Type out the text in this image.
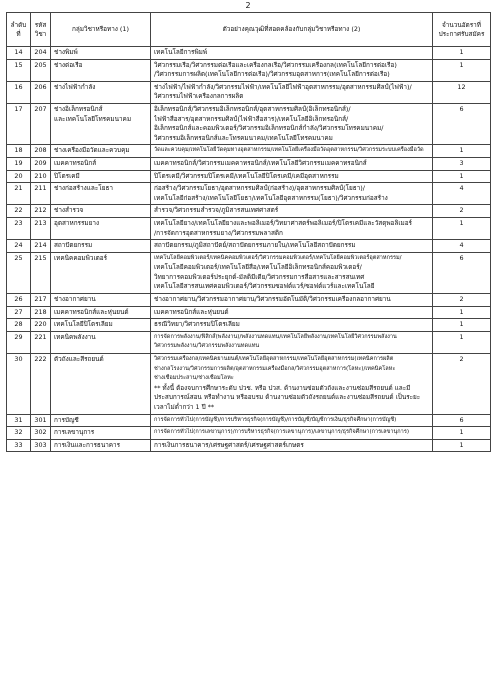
2
ลำดับที่	รหัสวิชา	กลุ่มวิชาหรือทาง (1)	ตัวอย่างคุณวุฒิที่สอดคล้องกับกลุ่มวิชาหรือทาง (2)	จำนวนอัตราที่ประกาศรับสมัคร
14	204	ช่างพิมพ์	เทคโนโลยีการพิมพ์	1
15	205	ช่างต่อเรือ	วิศวกรรมเรือ/วิศวกรรมต่อเรือและเครื่องกลเรือ/วิศวกรรมเครื่องกล(เทคโนโลยีการต่อเรือ)
/วิศวกรรมการผลิต(เทคโนโลยีการต่อเรือ)/วิศวกรรมอุตสาหการ(เทคโนโลยีการต่อเรือ)	1
16	206	ช่างไฟฟ้ากำลัง	ช่างไฟฟ้า/ไฟฟ้ากำลัง/วิศวกรรมไฟฟ้า/เทคโนโลยีไฟฟ้าอุตสาหกรรม/อุตสาหกรรมศิลป์(ไฟฟ้า)/
วิศวกรรมไฟฟ้าเครื่องกลการผลิต	12
17	207	ช่างอิเล็กทรอนิกส์
และเทคโนโลยีโทรคมนาคม	อิเล็กทรอนิกส์/วิศวกรรมอิเล็กทรอนิกส์/อุตสาหกรรมศิลป์(อิเล็กทรอนิกส์)/
ไฟฟ้าสื่อสาร/อุตสาหกรรมศิลป์(ไฟฟ้าสื่อสาร)/เทคโนโลยีอิเล็กทรอนิกส์/
อิเล็กทรอนิกส์และคอมพิวเตอร์/วิศวกรรมอิเล็กทรอนิกส์กำลัง/วิศวกรรมโทรคมนาคม/
วิศวกรรมอิเล็กทรอนิกส์และโทรคมนาคม/เทคโนโลยีโทรคมนาคม	6
18	208	ช่างเครื่องมือวัดและควบคุม	วัดและควบคุม/เทคโนโลยีวัดคุมทางอุตสาหกรรม/เทคโนโลยีเครื่องมือวัดอุตสาหกรรม/วิศวกรรมระบบเครื่องมือวัด	1
19	209	เมคคาทรอนิกส์	เมคคาทรอนิกส์/วิศวกรรมเมคคาทรอนิกส์/เทคโนโลยีวิศวกรรมเมคคาทรอนิกส์	3
20	210	ปิโตรเคมี	ปิโตรเคมี/วิศวกรรมปิโตรเคมี/เทคโนโลยีปิโตรเคมี/เคมีอุตสาหกรรม	1
21	211	ช่างก่อสร้างและโยธา	ก่อสร้าง/วิศวกรรมโยธา/อุตสาหกรรมศิลป์(ก่อสร้าง)/อุตสาหกรรมศิลป์(โยธา)/
เทคโนโลยีก่อสร้าง/เทคโนโลยีโยธา/เทคโนโลยีอุตสาหกรรม(โยธา)/วิศวกรรมก่อสร้าง	4
22	212	ช่างสำรวจ	สำรวจ/วิศวกรรมสำรวจ/ภูมิสารสนเทศศาสตร์	2
23	213	อุตสาหกรรมยาง	เทคโนโลยียาง/เทคโนโลยียางและพอลิเมอร์/วิทยาศาสตร์พอลิเมอร์/ปิโตรเคมีและวัสดุพอลิเมอร์
/การจัดการอุตสาหกรรมยาง/วิศวกรรมพลาสติก	1
24	214	สถาปัตยกรรม	สถาปัตยกรรม/ภูมิสถาปัตย์/สถาปัตยกรรมภายใน/เทคโนโลยีสถาปัตยกรรม	4
25	215	เทคนิคคอมพิวเตอร์	เทคโนโลยีคอมพิวเตอร์/เทคนิคคอมพิวเตอร์/วิศวกรรมคอมพิวเตอร์/เทคโนโลยีคอมพิวเตอร์อุตสาหกรรม/
เทคโนโลยีคอมพิวเตอร์/เทคโนโลยีสื่อ/เทคโนโลยีอิเล็กทรอนิกส์คอมพิวเตอร์/
วิทยาการคอมพิวเตอร์ประยุกต์-มัลติมีเดีย/วิศวกรรมการสื่อสารและสารสนเทศ
เทคโนโลยีสารสนเทศคอมพิวเตอร์/วิศวกรรมซอฟต์แวร์/ซอฟต์แวร์และเทคโนโลยี	6
26	217	ช่างอากาศยาน	ช่างอากาศยาน/วิศวกรรมอากาศยาน/วิศวกรรมอัตโนมัติ/วิศวกรรมเครื่องกลอากาศยาน	2
27	218	เมคคาทรอนิกส์และหุ่นยนต์	เมคคาทรอนิกส์และหุ่นยนต์	1
28	220	เทคโนโลยีปิโตรเลียม	ธรณีวิทยา/วิศวกรรมปิโตรเลียม	1
29	221	เทคนิคพลังงาน	การจัดการพลังงาน/ฟิสิกส์(พลังงาน)/พลังงานทดแทน/เทคโนโลยีพลังงาน/เทคโนโลยีวิศวกรรมพลังงาน
วิศวกรรมพลังงาน/วิศวกรรมพลังงานทดแทน	1
30	222	ตัวถังและสีรถยนต์	วิศวกรรมเครื่องกล/เทคนิคยานยนต์/เทคโนโลยีอุตสาหกรรม/เทคโนโลยีอุตสาหกรรม(เทคนิคการผลิต
ช่างกลโรงงาน/วิศวกรรมการผลิต/อุตสาหกรรมเครื่องมือกล/วิศวกรรมอุตสาหการ(โลหะ)/เทคนิคโลหะ
ช่างเชื่อมประสาน/ช่างเชื่อมโลหะ
** ทั้งนี้ ต้องจบการศึกษาระดับ ปวช. หรือ ปวส. ด้านงานซ่อมตัวถังและงานซ่อมสีรถยนต์ และมีประสบการณ์สอน หรือทำงาน หรืออบรม ด้านงานซ่อมตัวถังรถยนต์และงานซ่อมสีรถยนต์ เป็นระยะเวลาไม่ต่ำกว่า 1 ปี **	2
31	301	การบัญชี	การจัดการทั่วไป(การบัญชี)/การบริหารธุรกิจ(การบัญชี)/การบัญชี/บัญชีการเงิน/ธุรกิจศึกษา(การบัญชี)	6
32	302	การเลขานุการ	การจัดการทั่วไป(การเลขานุการ)/การบริหารธุรกิจ(การเลขานุการ)/เลขานุการ/ธุรกิจศึกษา(การเลขานุการ)	1
33	303	การเงินและการธนาคาร	การเงินการธนาคาร/เศรษฐศาสตร์/เศรษฐศาสตร์เกษตร	1
